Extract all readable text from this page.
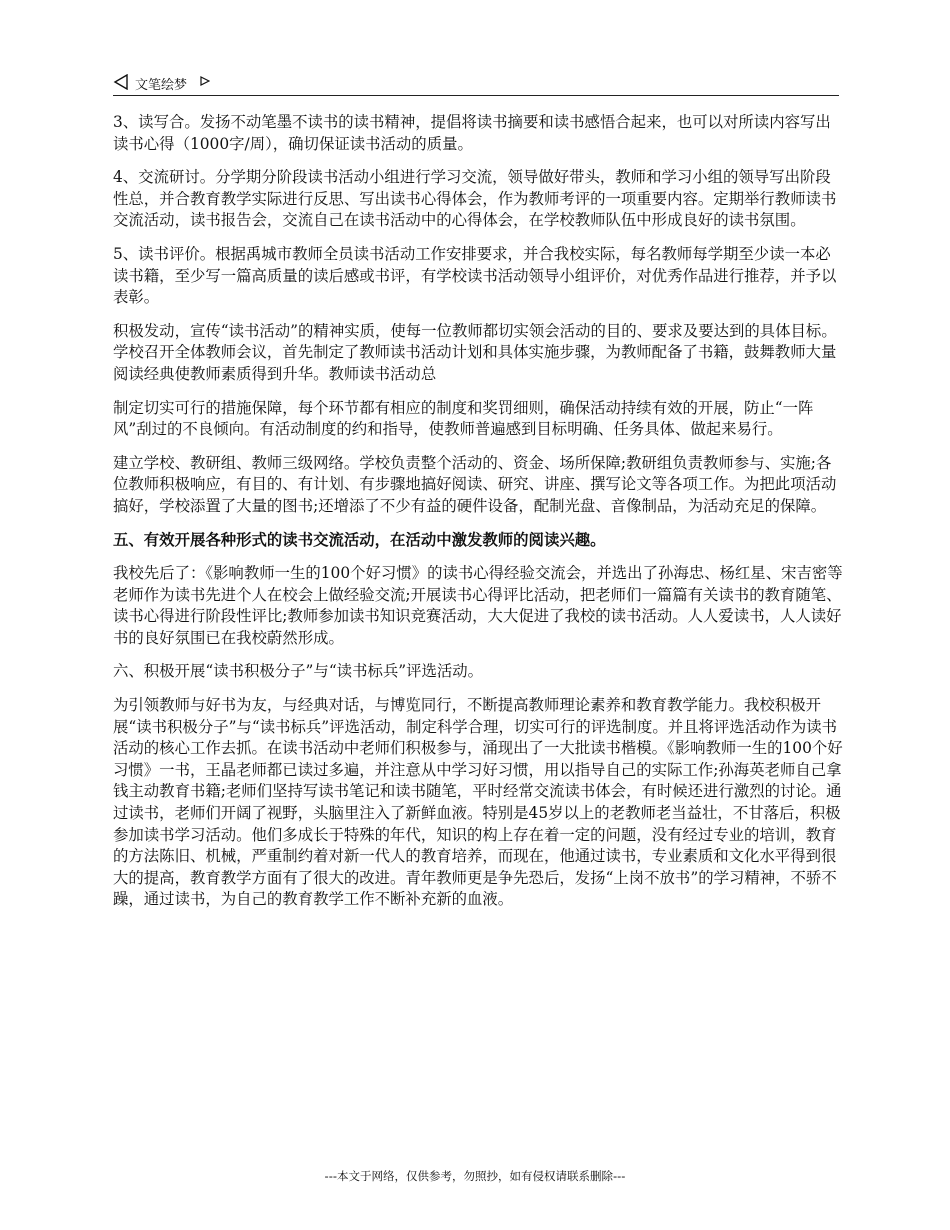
文笔绘梦

3、读写合。发扬不动笔墨不读书的读书精神，提倡将读书摘要和读书感悟合起来，也可以对所读内容写出读书心得（1000字/周），确切保证读书活动的质量。

4、交流研讨。分学期分阶段读书活动小组进行学习交流，领导做好带头，教师和学习小组的领导写出阶段性总，并合教育教学实际进行反思、写出读书心得体会，作为教师考评的一项重要内容。定期举行教师读书交流活动，读书报告会，交流自己在读书活动中的心得体会，在学校教师队伍中形成良好的读书氛围。

5、读书评价。根据禹城市教师全员读书活动工作安排要求，并合我校实际，每名教师每学期至少读一本必读书籍，至少写一篇高质量的读后感或书评，有学校读书活动领导小组评价，对优秀作品进行推荐，并予以表彰。

积极发动，宣传“读书活动”的精神实质，使每一位教师都切实领会活动的目的、要求及要达到的具体目标。学校召开全体教师会议，首先制定了教师读书活动计划和具体实施步骤，为教师配备了书籍，鼓舞教师大量阅读经典使教师素质得到升华。教师读书活动总

制定切实可行的措施保障，每个环节都有相应的制度和奖罚细则，确保活动持续有效的开展，防止“一阵风”刮过的不良倾向。有活动制度的约和指导，使教师普遍感到目标明确、任务具体、做起来易行。

建立学校、教研组、教师三级网络。学校负责整个活动的、资金、场所保障;教研组负责教师参与、实施;各位教师积极响应，有目的、有计划、有步骤地搞好阅读、研究、讲座、撰写论文等各项工作。为把此项活动搞好，学校添置了大量的图书;还增添了不少有益的硬件设备，配制光盘、音像制品，为活动充足的保障。

五、有效开展各种形式的读书交流活动，在活动中激发教师的阅读兴趣。

我校先后了：《影响教师一生的100个好习惯》的读书心得经验交流会，并选出了孙海忠、杨红星、宋吉密等老师作为读书先进个人在校会上做经验交流;开展读书心得评比活动，把老师们一篇篇有关读书的教育随笔、读书心得进行阶段性评比;教师参加读书知识竞赛活动，大大促进了我校的读书活动。人人爱读书，人人读好书的良好氛围已在我校蔚然形成。

六、积极开展“读书积极分子”与“读书标兵”评选活动。

为引领教师与好书为友，与经典对话，与博览同行，不断提高教师理论素养和教育教学能力。我校积极开展“读书积极分子”与“读书标兵”评选活动，制定科学合理，切实可行的评选制度。并且将评选活动作为读书活动的核心工作去抓。在读书活动中老师们积极参与，涌现出了一大批读书楷模。《影响教师一生的100个好习惯》一书，王晶老师都已读过多遍，并注意从中学习好习惯，用以指导自己的实际工作;孙海英老师自己拿钱主动教育书籍;老师们坚持写读书笔记和读书随笔，平时经常交流读书体会，有时候还进行激烈的讨论。通过读书，老师们开阔了视野，头脑里注入了新鲜血液。特别是45岁以上的老教师老当益壮，不甘落后，积极参加读书学习活动。他们多成长于特殊的年代，知识的构上存在着一定的问题，没有经过专业的培训，教育的方法陈旧、机械，严重制约着对新一代人的教育培养，而现在，他通过读书，专业素质和文化水平得到很大的提高，教育教学方面有了很大的改进。青年教师更是争先恐后，发扬“上岗不放书”的学习精神，不骄不躁，通过读书，为自己的教育教学工作不断补充新的血液。

---本文于网络，仅供参考，勿照抄，如有侵权请联系删除---
